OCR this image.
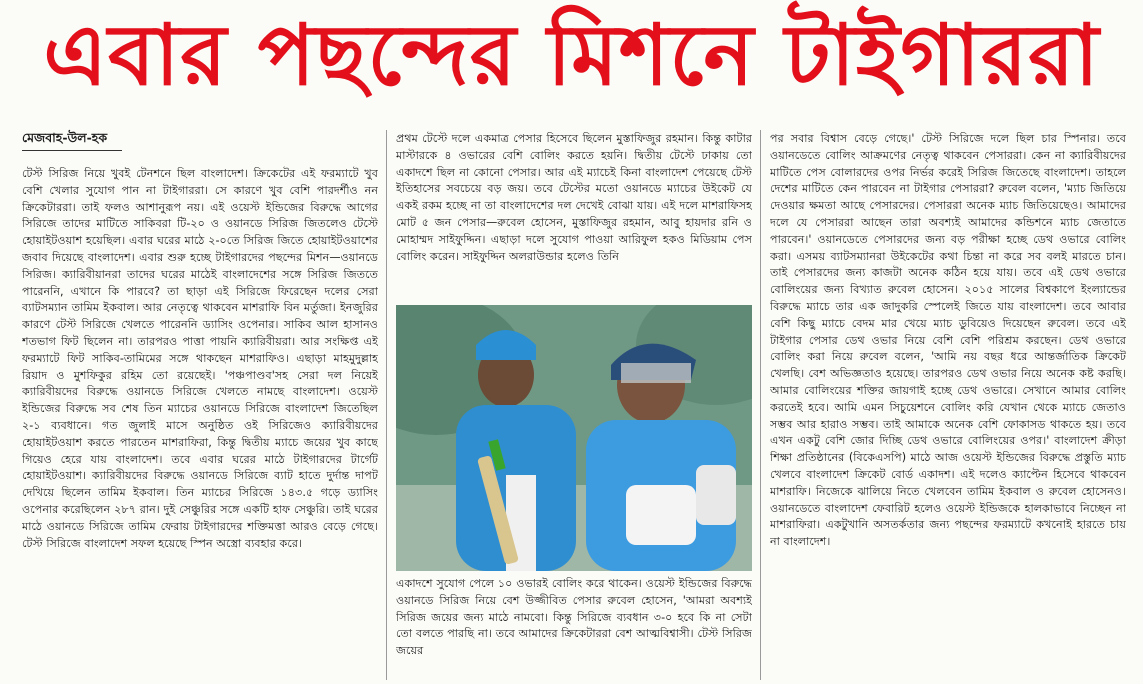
এবার পছন্দের মিশনে টাইগাররা
মেজবাহ-উল-হক

টেস্ট সিরিজ নিয়ে খুবই টেনশনে ছিল বাংলাদেশ। ক্রিকেটের এই ফরম্যাটে খুব বেশি খেলার সুযোগ পান না টাইগাররা। সে কারণে খুব বেশি পারদর্শীও নন ক্রিকেটাররা। তাই ফলও আশানুরূপ নয়। এই ওয়েস্ট ইন্ডিজের বিরুদ্ধে আগের সিরিজে তাদের মাটিতে সাকিবরা টি-২০ ও ওয়ানডে সিরিজ জিতলেও টেস্টে হোয়াইটওয়াশ হয়েছিল। এবার ঘরের মাঠে ২-০তে সিরিজ জিতে হোয়াইটওয়াশের জবাব দিয়েছে বাংলাদেশ। এবার শুরু হচ্ছে টাইগারদের পছন্দের মিশন—ওয়ানডে সিরিজ। ক্যারিবীয়ানরা তাদের ঘরের মাঠেই বাংলাদেশের সঙ্গে সিরিজ জিততে পারেননি, এখানে কি পারবে? তা ছাড়া এই সিরিজে ফিরেছেন দলের সেরা ব্যাটসম্যান তামিম ইকবাল। আর নেতৃত্বে থাকবেন মাশরাফি বিন মর্তুজা। ইনজুরির কারণে টেস্ট সিরিজে খেলতে পারেননি ড্যাসিং ওপেনার। সাকিব আল হাসানও শতভাগ ফিট ছিলেন না। তারপরও পাত্তা পায়নি ক্যারিবীয়রা। আর সংক্ষিপ্ত এই ফরম্যাটে ফিট সাকিব-তামিমের সঙ্গে থাকছেন মাশরাফিও। এছাড়া মাহমুদুল্লাহ রিয়াদ ও মুশফিকুর রহিম তো রয়েছেই। 'পঞ্চপাণ্ডব'সহ সেরা দল নিয়েই ক্যারিবীয়দের বিরুদ্ধে ওয়ানডে সিরিজে খেলতে নামছে বাংলাদেশ। ওয়েস্ট ইন্ডিজের বিরুদ্ধে সব শেষ তিন ম্যাচের ওয়ানডে সিরিজে বাংলাদেশ জিতেছিল ২-১ ব্যবধানে। গত জুলাই মাসে অনুষ্ঠিত ওই সিরিজেও ক্যারিবীয়দের হোয়াইটওয়াশ করতে পারতেন মাশরাফিরা, কিন্তু দ্বিতীয় ম্যাচে জয়ের খুব কাছে গিয়েও হেরে যায় বাংলাদেশ। তবে এবার ঘরের মাঠে টাইগারদের টার্গেট হোয়াইটওয়াশ। ক্যারিবীয়দের বিরুদ্ধে ওয়ানডে সিরিজে ব্যাট হাতে দুর্দান্ত দাপট দেখিয়ে ছিলেন তামিম ইকবাল। তিন ম্যাচের সিরিজে ১৪৩.৫ গড়ে ড্যাসিং ওপেনার করেছিলেন ২৮৭ রান। দুই সেঞ্চুরির সঙ্গে একটি হাফ সেঞ্চুরি। তাই ঘরের মাঠে ওয়ানডে সিরিজে তামিম ফেরায় টাইগারদের শক্তিমত্তা আরও বেড়ে গেছে। টেস্ট সিরিজে বাংলাদেশ সফল হয়েছে স্পিন অস্ত্রো ব্যবহার করে।

প্রথম টেস্টে দলে একমাত্র পেসার হিসেবে ছিলেন মুস্তাফিজুর রহমান। কিন্তু কাটার মাস্টারকে ৪ ওভারের বেশি বোলিং করতে হয়নি। দ্বিতীয় টেস্টে ঢাকায় তো একাদশে ছিল না কোনো পেসার। আর এই ম্যাচেই কিনা বাংলাদেশ পেয়েছে টেস্ট ইতিহাসের সবচেয়ে বড় জয়। তবে টেস্টের মতো ওয়ানডে ম্যাচের উইকেট যে একই রকম হচ্ছে না তা বাংলাদেশের দল দেখেই বোঝা যায়। এই দলে মাশরাফিসহ মোট ৫ জন পেসার—রুবেল হোসেন, মুস্তাফিজুর রহমান, আবু হায়দার রনি ও মোহাম্মদ সাইফুদ্দিন। এছাড়া দলে সুযোগ পাওয়া আরিফুল হকও মিডিয়াম পেস বোলিং করেন। সাইফুদ্দিন অলরাউন্ডার হলেও তিনি

একাদশে সুযোগ পেলে ১০ ওভারই বোলিং করে থাকেন। ওয়েস্ট ইন্ডিজের বিরুদ্ধে ওয়ানডে সিরিজ নিয়ে বেশ উজ্জীবিত পেসার রুবেল হোসেন, 'আমরা অবশ্যই সিরিজ জয়ের জন্য মাঠে নামবো। কিন্তু সিরিজে ব্যবধান ৩-০ হবে কি না সেটা তো বলতে পারছি না। তবে আমাদের ক্রিকেটাররা বেশ আত্মবিশ্বাসী। টেস্ট সিরিজ জয়ের

পর সবার বিশ্বাস বেড়ে গেছে।' টেস্ট সিরিজে দলে ছিল চার স্পিনার। তবে ওয়ানডেতে বোলিং আক্রমণের নেতৃত্ব থাকবেন পেসাররা। কেন না ক্যারিবীয়দের মাটিতে পেস বোলারদের ওপর নির্ভর করেই সিরিজ জিতেছে বাংলাদেশ। তাহলে দেশের মাটিতে কেন পারবেন না টাইগার পেসাররা? রুবেল বলেন, 'ম্যাচ জিতিয়ে দেওয়ার ক্ষমতা আছে পেসারদের। পেসাররা অনেক ম্যাচ জিতিয়েছেও। আমাদের দলে যে পেসাররা আছেন তারা অবশ্যই আমাদের কন্ডিশনে ম্যাচ জেতাতে পারবেন।' ওয়ানডেতে পেসারদের জন্য বড় পরীক্ষা হচ্ছে ডেথ ওভারে বোলিং করা। এসময় ব্যাটসম্যানরা উইকেটের কথা চিন্তা না করে সব বলই মারতে চান। তাই পেসারদের জন্য কাজটা অনেক কঠিন হয়ে যায়। তবে এই ডেথ ওভারে বোলিংয়ের জন্য বিখ্যাত রুবেল হোসেন। ২০১৫ সালের বিশ্বকাপে ইংল্যান্ডের বিরুদ্ধে ম্যাচে তার এক জাদুকরি স্পেলেই জিতে যায় বাংলাদেশ। তবে আবার বেশি কিছু ম্যাচে বেদম মার খেয়ে ম্যাচ ডুবিয়েও দিয়েছেন রুবেল। তবে এই টাইগার পেসার ডেথ ওভার নিয়ে বেশি বেশি পরিশ্রম করছেন। ডেথ ওভারে বোলিং করা নিয়ে রুবেল বলেন, 'আমি নয় বছর ধরে আন্তর্জাতিক ক্রিকেট খেলছি। বেশ অভিজ্ঞতাও হয়েছে। তারপরও ডেথ ওভার নিয়ে অনেক কষ্ট করছি। আমার বোলিংয়ের শক্তির জায়গাই হচ্ছে ডেথ ওভারে। সেখানে আমার বোলিং করতেই হবে। আমি এমন সিচুয়েশনে বোলিং করি যেখান থেকে ম্যাচে জেতাও সম্ভব আর হারাও সম্ভব। তাই আমাকে অনেক বেশি ফোকাসড থাকতে হয়। তবে এখন একটু বেশি জোর দিচ্ছি ডেথ ওভারে বোলিংয়ের ওপর।' বাংলাদেশ ক্রীড়া শিক্ষা প্রতিষ্ঠানের (বিকেএসপি) মাঠে আজ ওয়েস্ট ইন্ডিজের বিরুদ্ধে প্রস্তুতি ম্যাচ খেলবে বাংলাদেশ ক্রিকেট বোর্ড একাদশ। এই দলেও ক্যাপ্টেন হিসেবে থাকবেন মাশরাফি। নিজেকে ঝালিয়ে নিতে খেলবেন তামিম ইকবাল ও রুবেল হোসেনও। ওয়ানডেতে বাংলাদেশ ফেবারিট হলেও ওয়েস্ট ইন্ডিজকে হালকাভাবে নিচ্ছেন না মাশরাফিরা। একটুখানি অসতর্কতার জন্য পছন্দের ফরম্যাটে কখনোই হারতে চায় না বাংলাদেশ।
